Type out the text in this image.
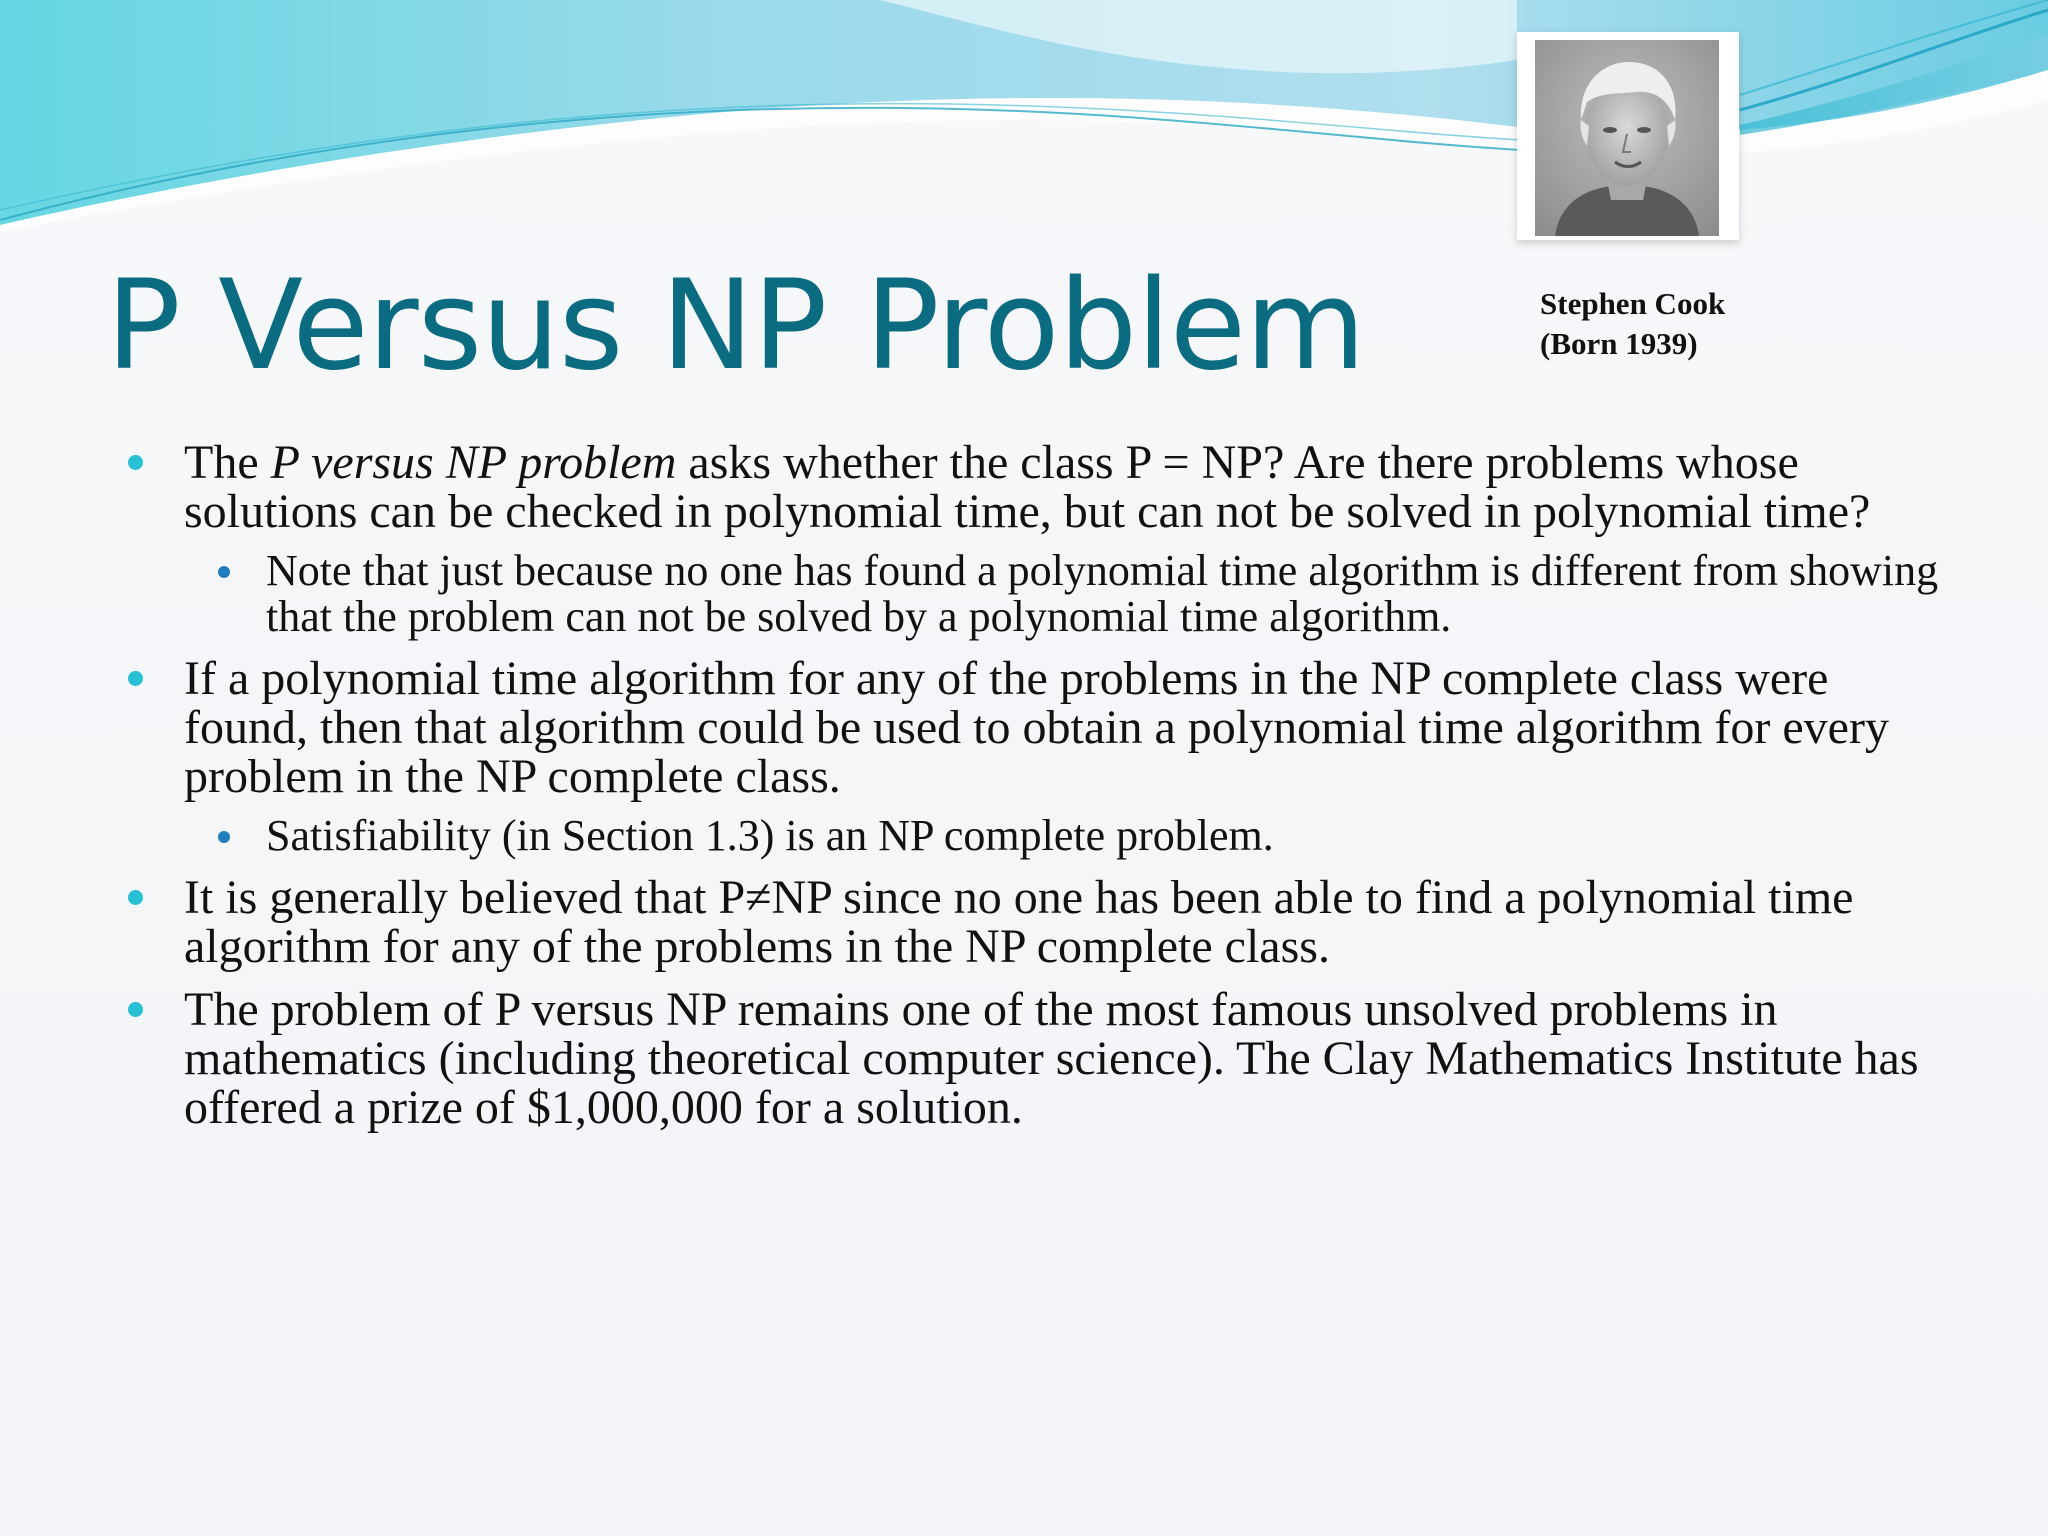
P Versus NP Problem	Stephen Cook
(Born 1939)
The P versus NP problem asks whether the class P = NP? Are there problems whose solutions can be checked in polynomial time, but can not be solved in polynomial time?
Note that just because no one has found a polynomial time algorithm is different from showing that the problem can not be solved by a polynomial time algorithm.
If a polynomial time algorithm for any of the problems in the NP complete class were found, then that algorithm could be used to obtain a polynomial time algorithm for every problem in the NP complete class.
Satisfiability (in Section 1.3) is an NP complete problem.
It is generally believed that P≠NP since no one has been able to find a polynomial time algorithm for any of the problems in the NP complete class.
The problem of P versus NP remains one of the most famous unsolved problems in mathematics (including theoretical computer science). The Clay Mathematics Institute has offered a prize of $1,000,000 for a solution.
